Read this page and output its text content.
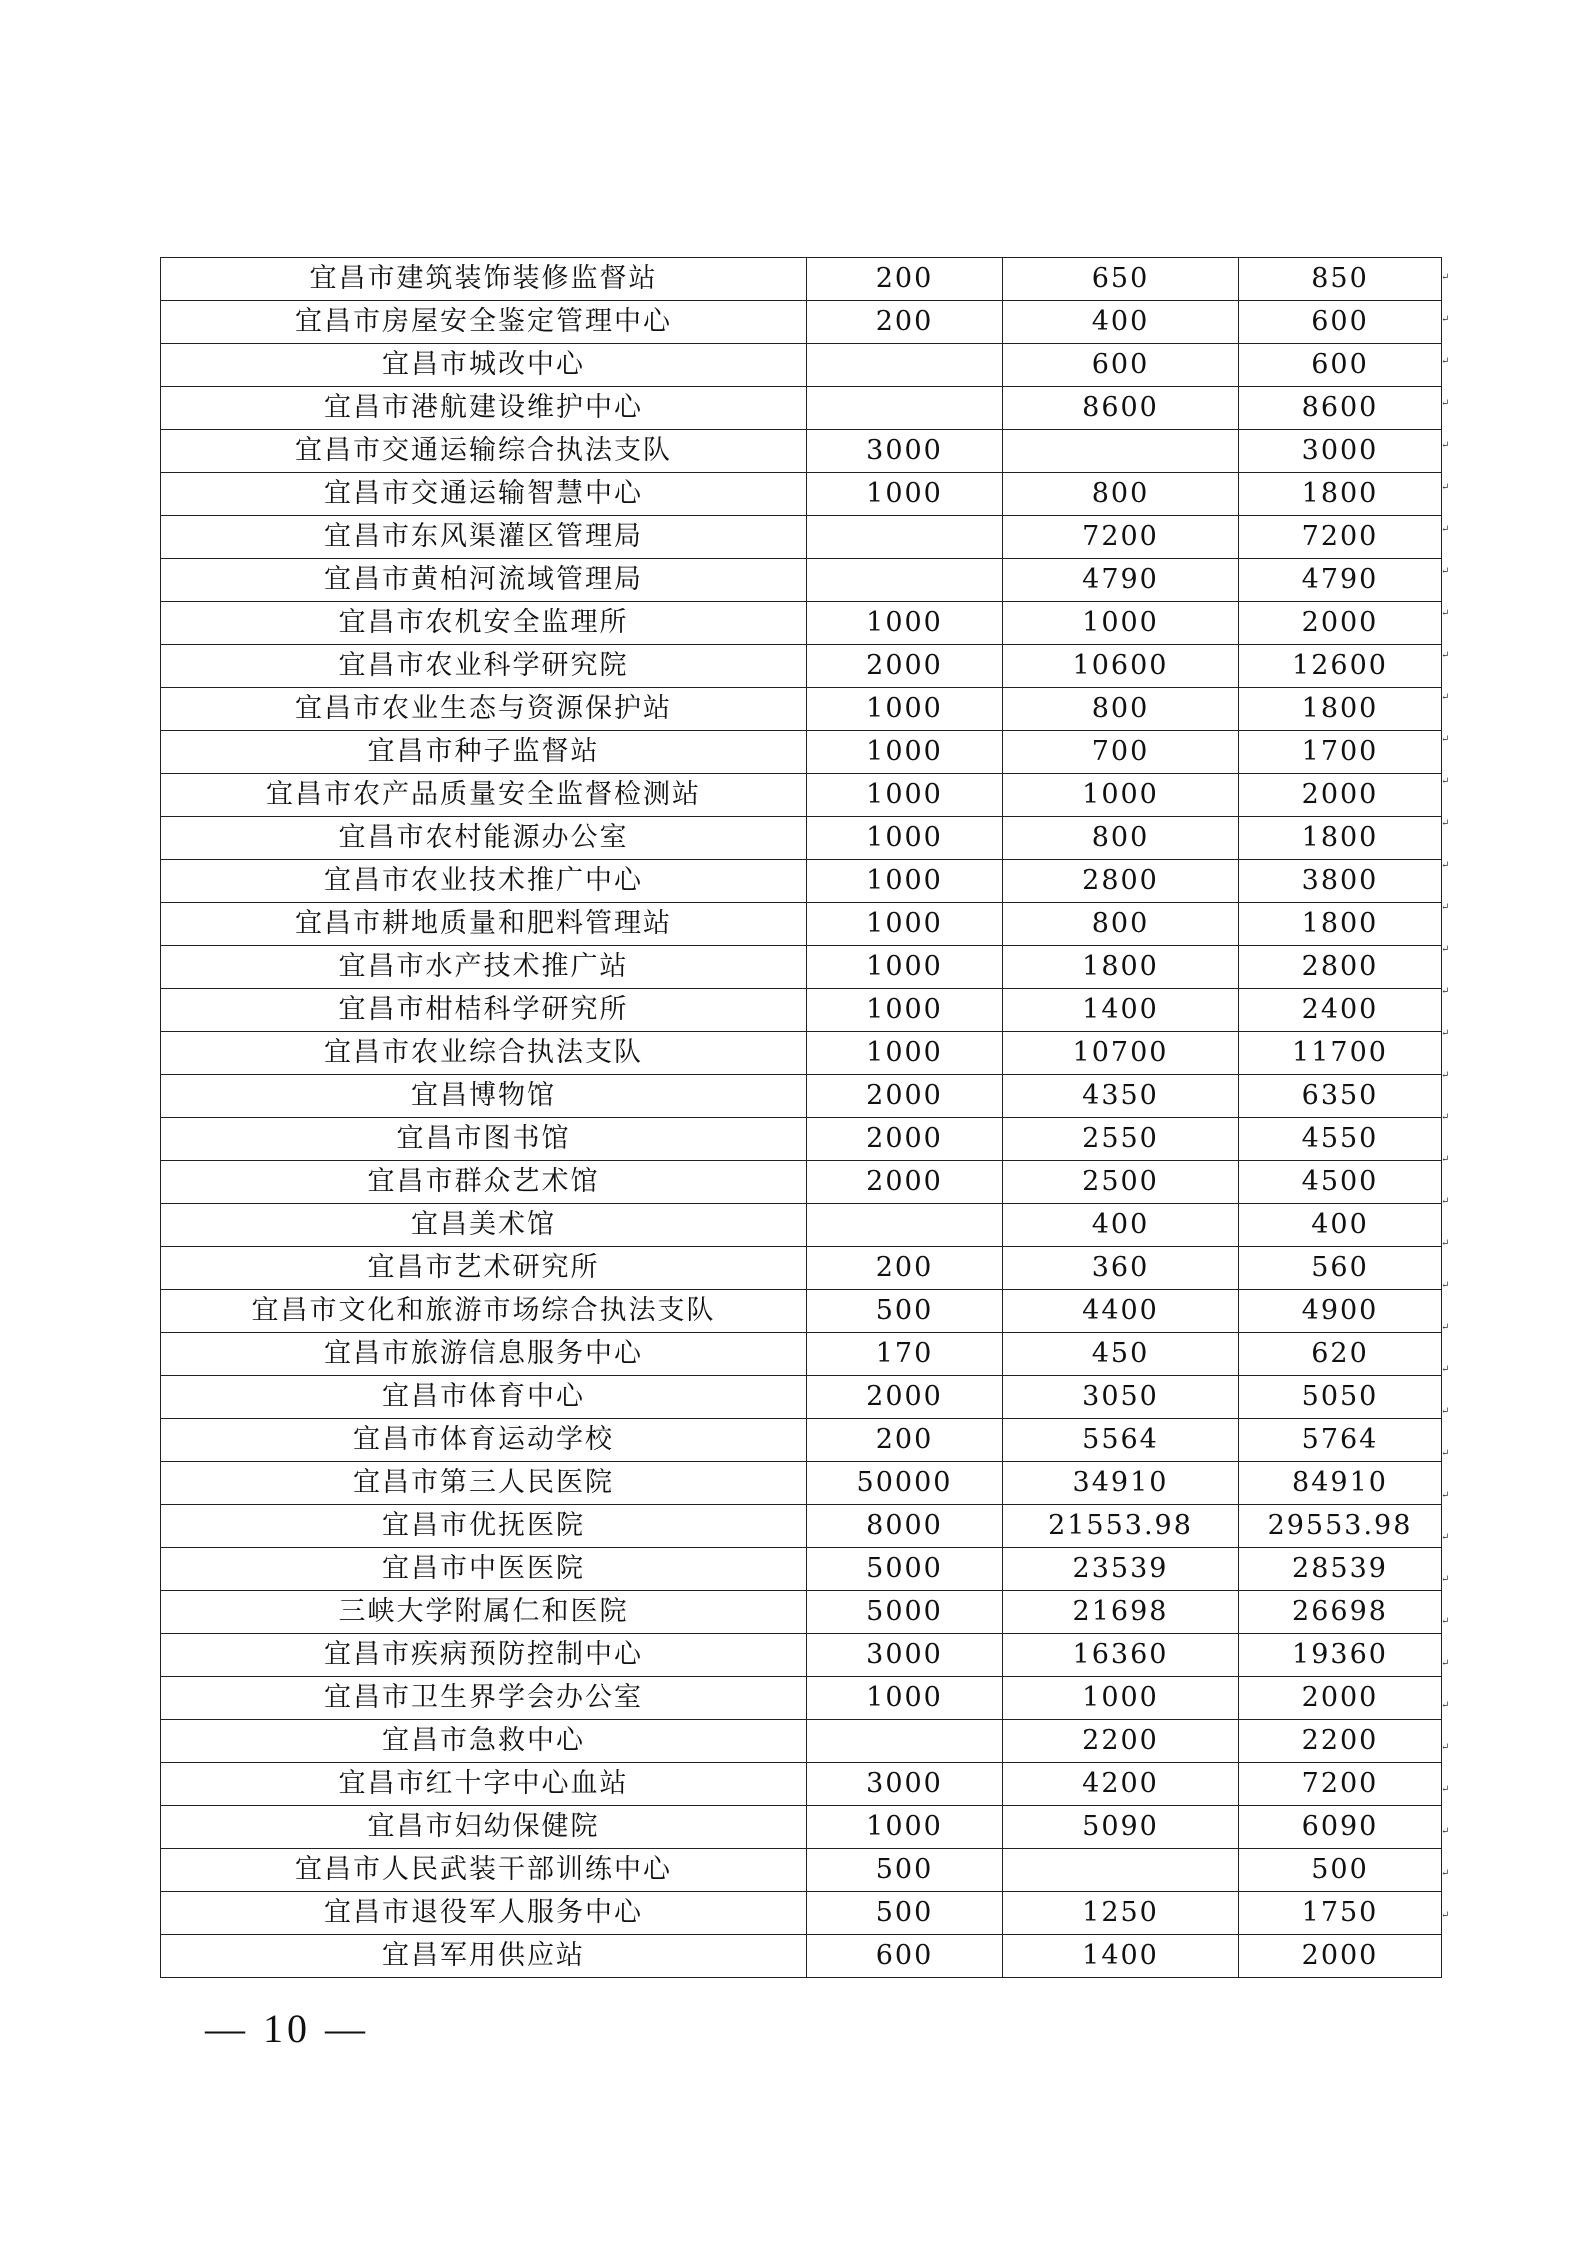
宜昌市建筑装饰装修监督站	200	650	850
宜昌市房屋安全鉴定管理中心	200	400	600
宜昌市城改中心		600	600
宜昌市港航建设维护中心		8600	8600
宜昌市交通运输综合执法支队	3000		3000
宜昌市交通运输智慧中心	1000	800	1800
宜昌市东风渠灌区管理局		7200	7200
宜昌市黄柏河流域管理局		4790	4790
宜昌市农机安全监理所	1000	1000	2000
宜昌市农业科学研究院	2000	10600	12600
宜昌市农业生态与资源保护站	1000	800	1800
宜昌市种子监督站	1000	700	1700
宜昌市农产品质量安全监督检测站	1000	1000	2000
宜昌市农村能源办公室	1000	800	1800
宜昌市农业技术推广中心	1000	2800	3800
宜昌市耕地质量和肥料管理站	1000	800	1800
宜昌市水产技术推广站	1000	1800	2800
宜昌市柑桔科学研究所	1000	1400	2400
宜昌市农业综合执法支队	1000	10700	11700
宜昌博物馆	2000	4350	6350
宜昌市图书馆	2000	2550	4550
宜昌市群众艺术馆	2000	2500	4500
宜昌美术馆		400	400
宜昌市艺术研究所	200	360	560
宜昌市文化和旅游市场综合执法支队	500	4400	4900
宜昌市旅游信息服务中心	170	450	620
宜昌市体育中心	2000	3050	5050
宜昌市体育运动学校	200	5564	5764
宜昌市第三人民医院	50000	34910	84910
宜昌市优抚医院	8000	21553.98	29553.98
宜昌市中医医院	5000	23539	28539
三峡大学附属仁和医院	5000	21698	26698
宜昌市疾病预防控制中心	3000	16360	19360
宜昌市卫生界学会办公室	1000	1000	2000
宜昌市急救中心		2200	2200
宜昌市红十字中心血站	3000	4200	7200
宜昌市妇幼保健院	1000	5090	6090
宜昌市人民武装干部训练中心	500		500
宜昌市退役军人服务中心	500	1250	1750
宜昌军用供应站	600	1400	2000
↵
↵
↵
↵
↵
↵
↵
↵
↵
↵
↵
↵
↵
↵
↵
↵
↵
↵
↵
↵
↵
↵
↵
↵
↵
↵
↵
↵
↵
↵
↵
↵
↵
↵
↵
↵
↵
↵
↵
↵
— 10 —
